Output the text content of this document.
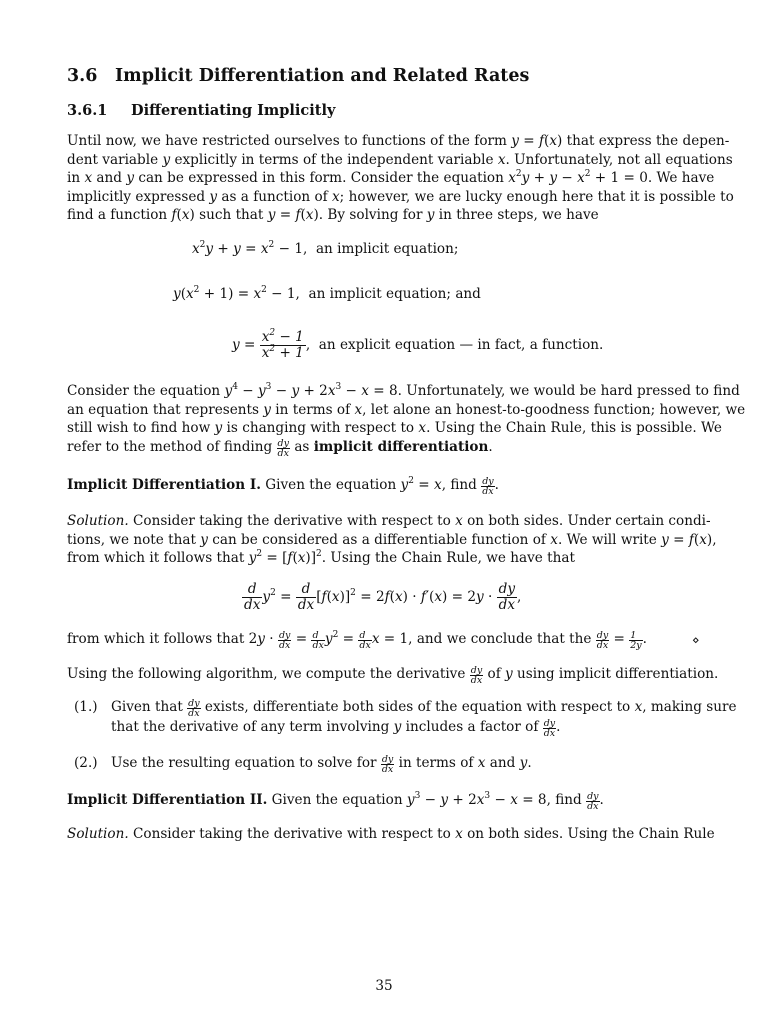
3.6 Implicit Differentiation and Related Rates
3.6.1 Differentiating Implicitly
Until now, we have restricted ourselves to functions of the form y = f(x) that express the depen-
dent variable y explicitly in terms of the independent variable x. Unfortunately, not all equations
in x and y can be expressed in this form. Consider the equation $x^2y + y - x^2 + 1 = 0$. We have
implicitly expressed y as a function of x; however, we are lucky enough here that it is possible to
find a function f(x) such that y = f(x). By solving for y in three steps, we have
$x^2y + y = x^2 - 1$,  an implicit equation;
$y(x^2 + 1) = x^2 - 1$,  an implicit equation; and
$y = \frac{x^2 - 1}{x^2 + 1}$ ,  an explicit equation — in fact, a function.
Consider the equation $y^4 - y^3 - y + 2x^3 - x = 8$. Unfortunately, we would be hard pressed to find
an equation that represents y in terms of x, let alone an honest-to-goodness function; however, we
still wish to find how y is changing with respect to x. Using the Chain Rule, this is possible. We
refer to the method of finding $\frac{dy}{dx}$ as implicit differentiation.
Implicit Differentiation I. Given the equation $y^2 = x$, find $\frac{dy}{dx}$ .
Solution. Consider taking the derivative with respect to x on both sides. Under certain condi-
tions, we note that y can be considered as a differentiable function of x. We will write y = f(x),
from which it follows that $y^2 = [f(x)]^2$. Using the Chain Rule, we have that
$\frac{d}{dx} y^2 = \frac{d}{dx} [f(x)]^2 = 2f(x) \cdot f'(x) = 2y \cdot \frac{dy}{dx}$ ,
from which it follows that $2y \cdot \frac{dy}{dx} = \frac{d}{dx} y^2 = \frac{d}{dx}$ x = 1, and we conclude that the $\frac{dy}{dx} = \frac{1}{2y}$ .	⋄
Using the following algorithm, we compute the derivative $\frac{dy}{dx}$ of y using implicit differentiation.
(1.) Given that $\frac{dy}{dx}$ exists, differentiate both sides of the equation with respect to x, making sure
that the derivative of any term involving y includes a factor of $\frac{dy}{dx}$ .
(2.) Use the resulting equation to solve for $\frac{dy}{dx}$ in terms of x and y.
Implicit Differentiation II. Given the equation $y^3 - y + 2x^3 - x = 8$, find $\frac{dy}{dx}$ .
Solution. Consider taking the derivative with respect to x on both sides. Using the Chain Rule
35
